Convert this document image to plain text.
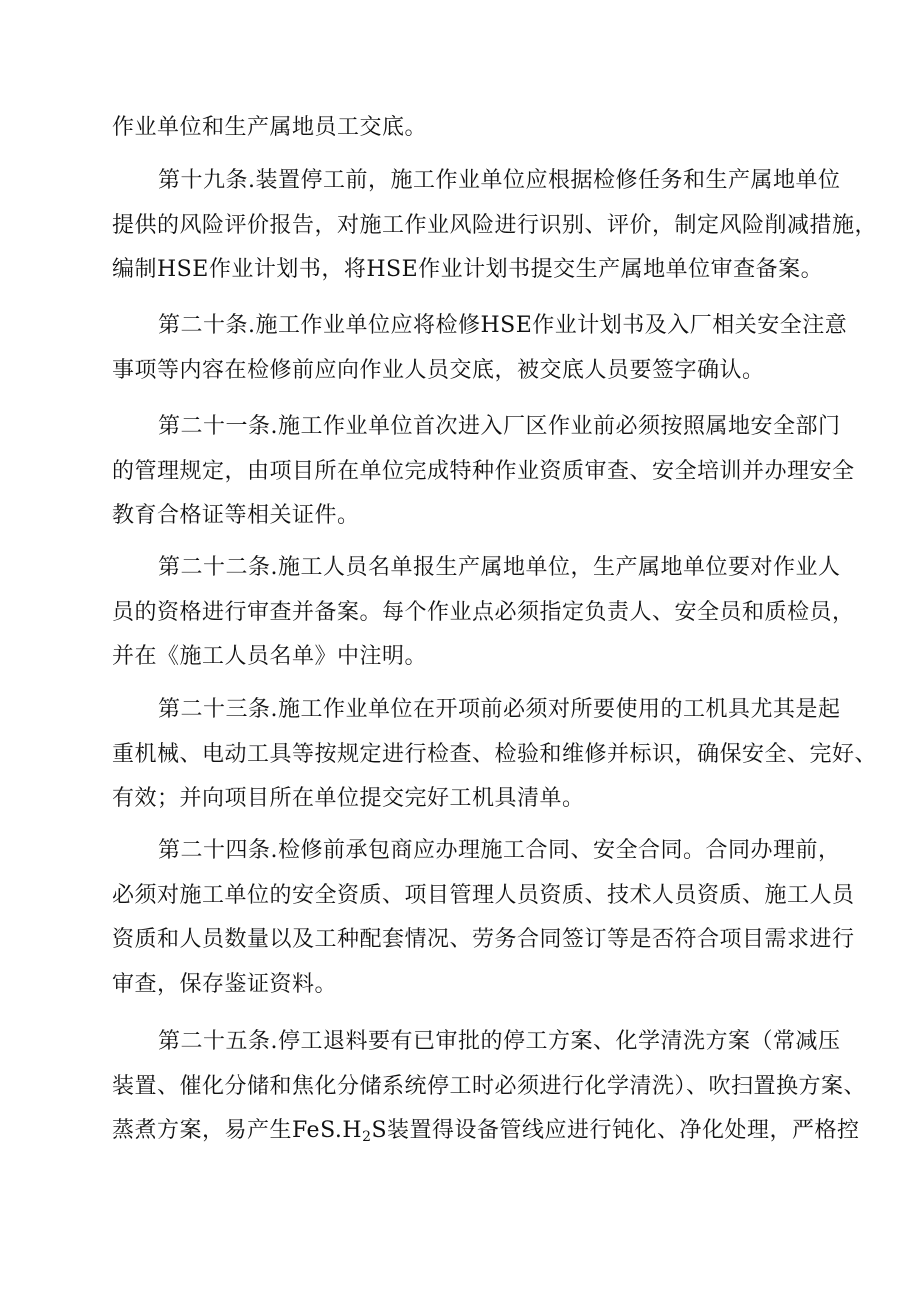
作业单位和生产属地员工交底。

第十九条.装置停工前，施工作业单位应根据检修任务和生产属地单位
提供的风险评价报告，对施工作业风险进行识别、评价，制定风险削减措施，
编制HSE作业计划书，将HSE作业计划书提交生产属地单位审查备案。

第二十条.施工作业单位应将检修HSE作业计划书及入厂相关安全注意
事项等内容在检修前应向作业人员交底，被交底人员要签字确认。

第二十一条.施工作业单位首次进入厂区作业前必须按照属地安全部门
的管理规定，由项目所在单位完成特种作业资质审查、安全培训并办理安全
教育合格证等相关证件。

第二十二条.施工人员名单报生产属地单位，生产属地单位要对作业人
员的资格进行审查并备案。每个作业点必须指定负责人、安全员和质检员，
并在《施工人员名单》中注明。

第二十三条.施工作业单位在开项前必须对所要使用的工机具尤其是起
重机械、电动工具等按规定进行检查、检验和维修并标识，确保安全、完好、
有效；并向项目所在单位提交完好工机具清单。

第二十四条.检修前承包商应办理施工合同、安全合同。合同办理前，
必须对施工单位的安全资质、项目管理人员资质、技术人员资质、施工人员
资质和人员数量以及工种配套情况、劳务合同签订等是否符合项目需求进行
审查，保存鉴证资料。

第二十五条.停工退料要有已审批的停工方案、化学清洗方案（常减压
装置、催化分储和焦化分储系统停工时必须进行化学清洗）、吹扫置换方案、
蒸煮方案，易产生$FeS.H_2S$装置得设备管线应进行钝化、净化处理，严格控
